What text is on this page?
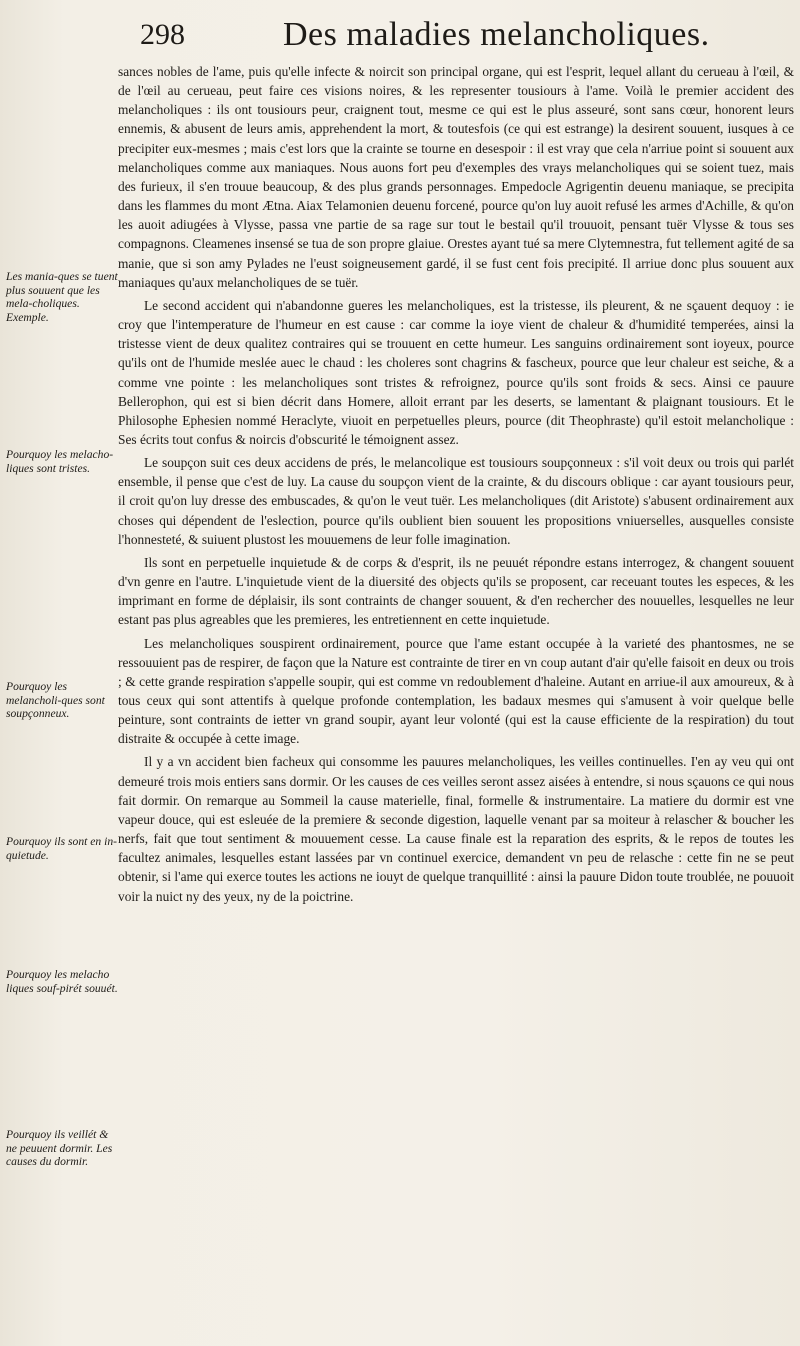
298	Des maladies melancholiques.
Les mania-ques se tuent plus souuent que les mela-choliques. Exemple.
Pourquoy les melacho-liques sont tristes.
Pourquoy les melancholi-ques sont soupçonneux.
Pourquoy ils sont en in-quietude.
Pourquoy les melacho liques souf-pirét souuét.
Pourquoy ils veillét & ne peuuent dormir. Les causes du dormir.

sances nobles de l'ame, puis qu'elle infecte & noircit son principal organe, qui est l'esprit, lequel allant du cerueau à l'œil, & de l'œil au cerueau, peut faire ces visions noires, & les representer tousiours à l'ame. Voilà le premier accident des melancholiques : ils ont tousiours peur, craignent tout, mesme ce qui est le plus asseuré, sont sans cœur, honorent leurs ennemis, & abusent de leurs amis, apprehendent la mort, & toutesfois (ce qui est estrange) la desirent souuent, iusques à ce precipiter eux-mesmes ; mais c'est lors que la crainte se tourne en desespoir : il est vray que cela n'arriue point si souuent aux melancholiques comme aux maniaques. Nous auons fort peu d'exemples des vrays melancholiques qui se soient tuez, mais des furieux, il s'en trouue beaucoup, & des plus grands personnages. Empedocle Agrigentin deuenu maniaque, se precipita dans les flammes du mont Ætna. Aiax Telamonien deuenu forcené, pource qu'on luy auoit refusé les armes d'Achille, & qu'on les auoit adiugées à Vlysse, passa vne partie de sa rage sur tout le bestail qu'il trouuoit, pensant tuër Vlysse & tous ses compagnons. Cleamenes insensé se tua de son propre glaiue. Orestes ayant tué sa mere Clytemnestra, fut tellement agité de sa manie, que si son amy Pylades ne l'eust soigneusement gardé, il se fust cent fois precipité. Il arriue donc plus souuent aux maniaques qu'aux melancholiques de se tuër.

Le second accident qui n'abandonne gueres les melancholiques, est la tristesse, ils pleurent, & ne sçauent dequoy : ie croy que l'intemperature de l'humeur en est cause : car comme la ioye vient de chaleur & d'humidité temperées, ainsi la tristesse vient de deux qualitez contraires qui se trouuent en cette humeur. Les sanguins ordinairement sont ioyeux, pource qu'ils ont de l'humide meslée auec le chaud : les choleres sont chagrins & fascheux, pource que leur chaleur est seiche, & a comme vne pointe : les melancholiques sont tristes & refroignez, pource qu'ils sont froids & secs. Ainsi ce pauure Bellerophon, qui est si bien décrit dans Homere, alloit errant par les deserts, se lamentant & plaignant tousiours. Et le Philosophe Ephesien nommé Heraclyte, viuoit en perpetuelles pleurs, pource (dit Theophraste) qu'il estoit melancholique : Ses écrits tout confus & noircis d'obscurité le témoignent assez.

Le soupçon suit ces deux accidens de prés, le melancolique est tousiours soupçonneux : s'il voit deux ou trois qui parlét ensemble, il pense que c'est de luy. La cause du soupçon vient de la crainte, & du discours oblique : car ayant tousiours peur, il croit qu'on luy dresse des embuscades, & qu'on le veut tuër. Les melancholiques (dit Aristote) s'abusent ordinairement aux choses qui dépendent de l'eslection, pource qu'ils oublient bien souuent les propositions vniuerselles, ausquelles consiste l'honnesteté, & suiuent plustost les mouuemens de leur folle imagination.

Ils sont en perpetuelle inquietude & de corps & d'esprit, ils ne peuuét répondre estans interrogez, & changent souuent d'vn genre en l'autre. L'inquietude vient de la diuersité des objects qu'ils se proposent, car receuant toutes les especes, & les imprimant en forme de déplaisir, ils sont contraints de changer souuent, & d'en rechercher des nouuelles, lesquelles ne leur estant pas plus agreables que les premieres, les entretiennent en cette inquietude.

Les melancholiques souspirent ordinairement, pource que l'ame estant occupée à la varieté des phantosmes, ne se ressouuient pas de respirer, de façon que la Nature est contrainte de tirer en vn coup autant d'air qu'elle faisoit en deux ou trois ; & cette grande respiration s'appelle soupir, qui est comme vn redoublement d'haleine. Autant en arriue-il aux amoureux, & à tous ceux qui sont attentifs à quelque profonde contemplation, les badaux mesmes qui s'amusent à voir quelque belle peinture, sont contraints de ietter vn grand soupir, ayant leur volonté (qui est la cause efficiente de la respiration) du tout distraite & occupée à cette image.

Il y a vn accident bien facheux qui consomme les pauures melancholiques, les veilles continuelles. I'en ay veu qui ont demeuré trois mois entiers sans dormir. Or les causes de ces veilles seront assez aisées à entendre, si nous sçauons ce qui nous fait dormir. On remarque au Sommeil la cause materielle, final, formelle & instrumentaire. La matiere du dormir est vne vapeur douce, qui est esleuée de la premiere & seconde digestion, laquelle venant par sa moiteur à relascher & boucher les nerfs, fait que tout sentiment & mouuement cesse. La cause finale est la reparation des esprits, & le repos de toutes les facultez animales, lesquelles estant lassées par vn continuel exercice, demandent vn peu de relasche : cette fin ne se peut obtenir, si l'ame qui exerce toutes les actions ne iouyt de quelque tranquillité : ainsi la pauure Didon toute troublée, ne pouuoit voir la nuict ny des yeux, ny de la poictrine.
